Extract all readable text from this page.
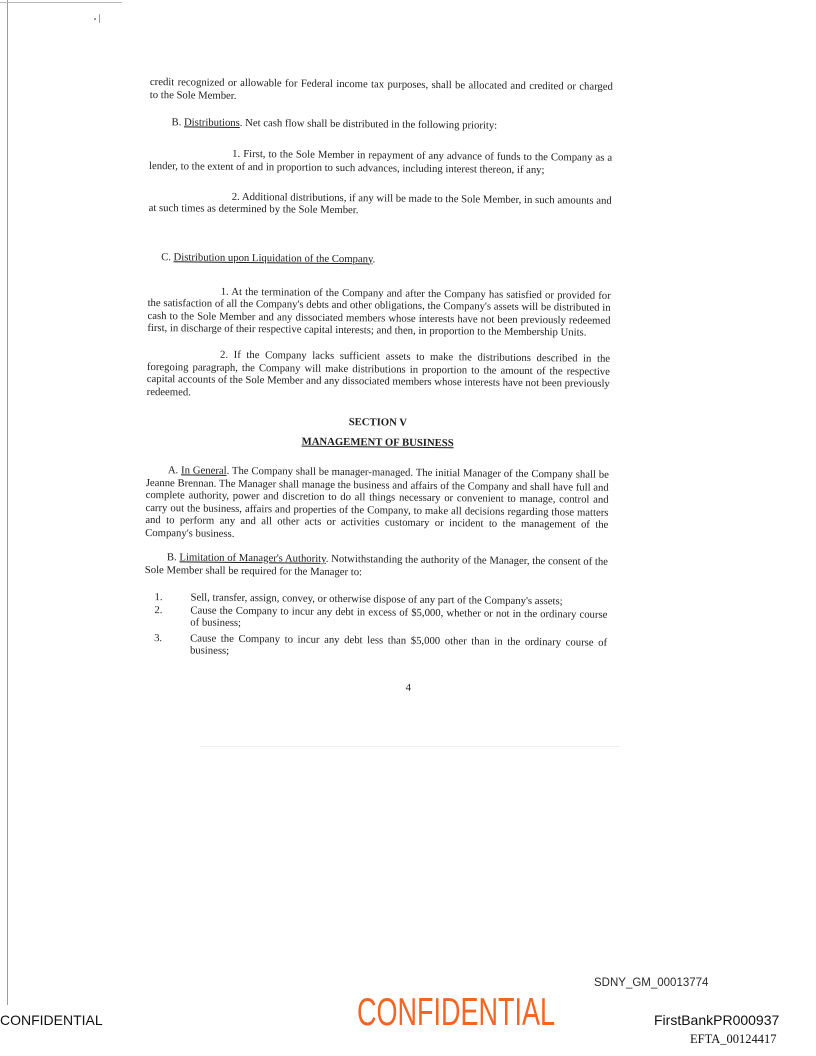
credit recognized or allowable for Federal income tax purposes, shall be allocated and credited or charged to the Sole Member.

B. Distributions. Net cash flow shall be distributed in the following priority:

1. First, to the Sole Member in repayment of any advance of funds to the Company as a lender, to the extent of and in proportion to such advances, including interest thereon, if any;

2. Additional distributions, if any will be made to the Sole Member, in such amounts and at such times as determined by the Sole Member.

C. Distribution upon Liquidation of the Company.

1. At the termination of the Company and after the Company has satisfied or provided for the satisfaction of all the Company's debts and other obligations, the Company's assets will be distributed in cash to the Sole Member and any dissociated members whose interests have not been previously redeemed first, in discharge of their respective capital interests; and then, in proportion to the Membership Units.

2. If the Company lacks sufficient assets to make the distributions described in the foregoing paragraph, the Company will make distributions in proportion to the amount of the respective capital accounts of the Sole Member and any dissociated members whose interests have not been previously redeemed.

SECTION V

MANAGEMENT OF BUSINESS

A. In General. The Company shall be manager-managed. The initial Manager of the Company shall be Jeanne Brennan. The Manager shall manage the business and affairs of the Company and shall have full and complete authority, power and discretion to do all things necessary or convenient to manage, control and carry out the business, affairs and properties of the Company, to make all decisions regarding those matters and to perform any and all other acts or activities customary or incident to the management of the Company's business.

B. Limitation of Manager's Authority. Notwithstanding the authority of the Manager, the consent of the Sole Member shall be required for the Manager to:

1.	Sell, transfer, assign, convey, or otherwise dispose of any part of the Company's assets;
2.	Cause the Company to incur any debt in excess of $5,000, whether or not in the ordinary course of business;
3.	Cause the Company to incur any debt less than $5,000 other than in the ordinary course of business;

4

SDNY_GM_00013774
CONFIDENTIAL
CONFIDENTIAL	FirstBankPR000937
EFTA_00124417
